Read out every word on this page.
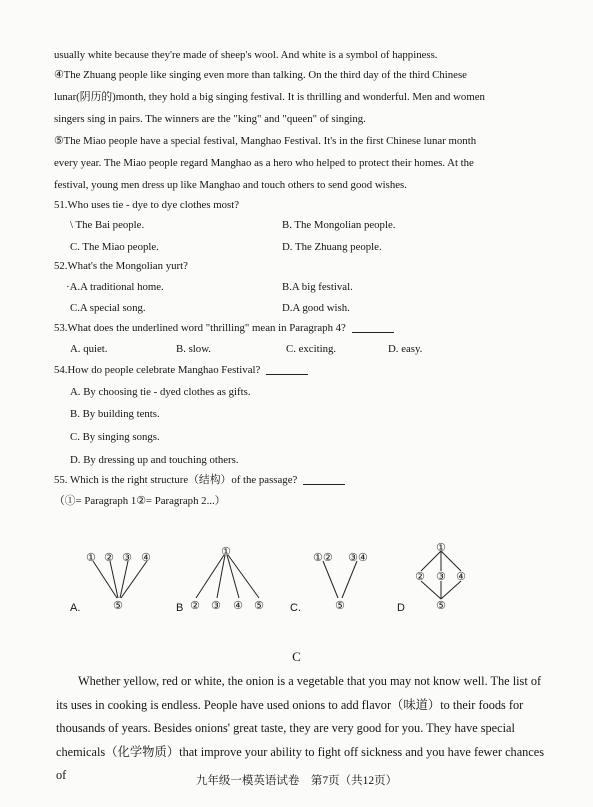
usually white because they're made of sheep's wool. And white is a symbol of happiness.
④The Zhuang people like singing even more than talking. On the third day of the third Chinese
lunar(阴历的)month, they hold a big singing festival. It is thrilling and wonderful. Men and women
singers sing in pairs. The winners are the "king" and "queen" of singing.
⑤The Miao people have a special festival, Manghao Festival. It's in the first Chinese lunar month
every year. The Miao people regard Manghao as a hero who helped to protect their homes. At the
festival, young men dress up like Manghao and touch others to send good wishes.
51.Who uses tie - dye to dye clothes most?
\ The Bai people.	B. The Mongolian people.
C. The Miao people.	D. The Zhuang people.
52.What's the Mongolian yurt?
·A.A traditional home.	B.A big festival.
C.A special song.	D.A good wish.
53.What does the underlined word "thrilling" mean in Paragraph 4?
A. quiet.	B. slow.	C. exciting.	D. easy.
54.How do people celebrate Manghao Festival?
A. By choosing tie - dyed clothes as gifts.
B. By building tents.
C. By singing songs.
D. By dressing up and touching others.
55. Which is the right structure（结构）of the passage?
（①= Paragraph 1②= Paragraph 2...）
① ② ③ ④
⑤
①
② ③ ④ ⑤
①② ③④
⑤
①
② ③ ④
⑤
A.	B	C.	D
C
Whether yellow, red or white, the onion is a vegetable that you may not know well. The list of
its uses in cooking is endless. People have used onions to add flavor（味道）to their foods for
thousands of years. Besides onions' great taste, they are very good for you. They have special
chemicals（化学物质）that improve your ability to fight off sickness and you have fewer chances of	九年级一模英语试卷　第7页（共12页）
